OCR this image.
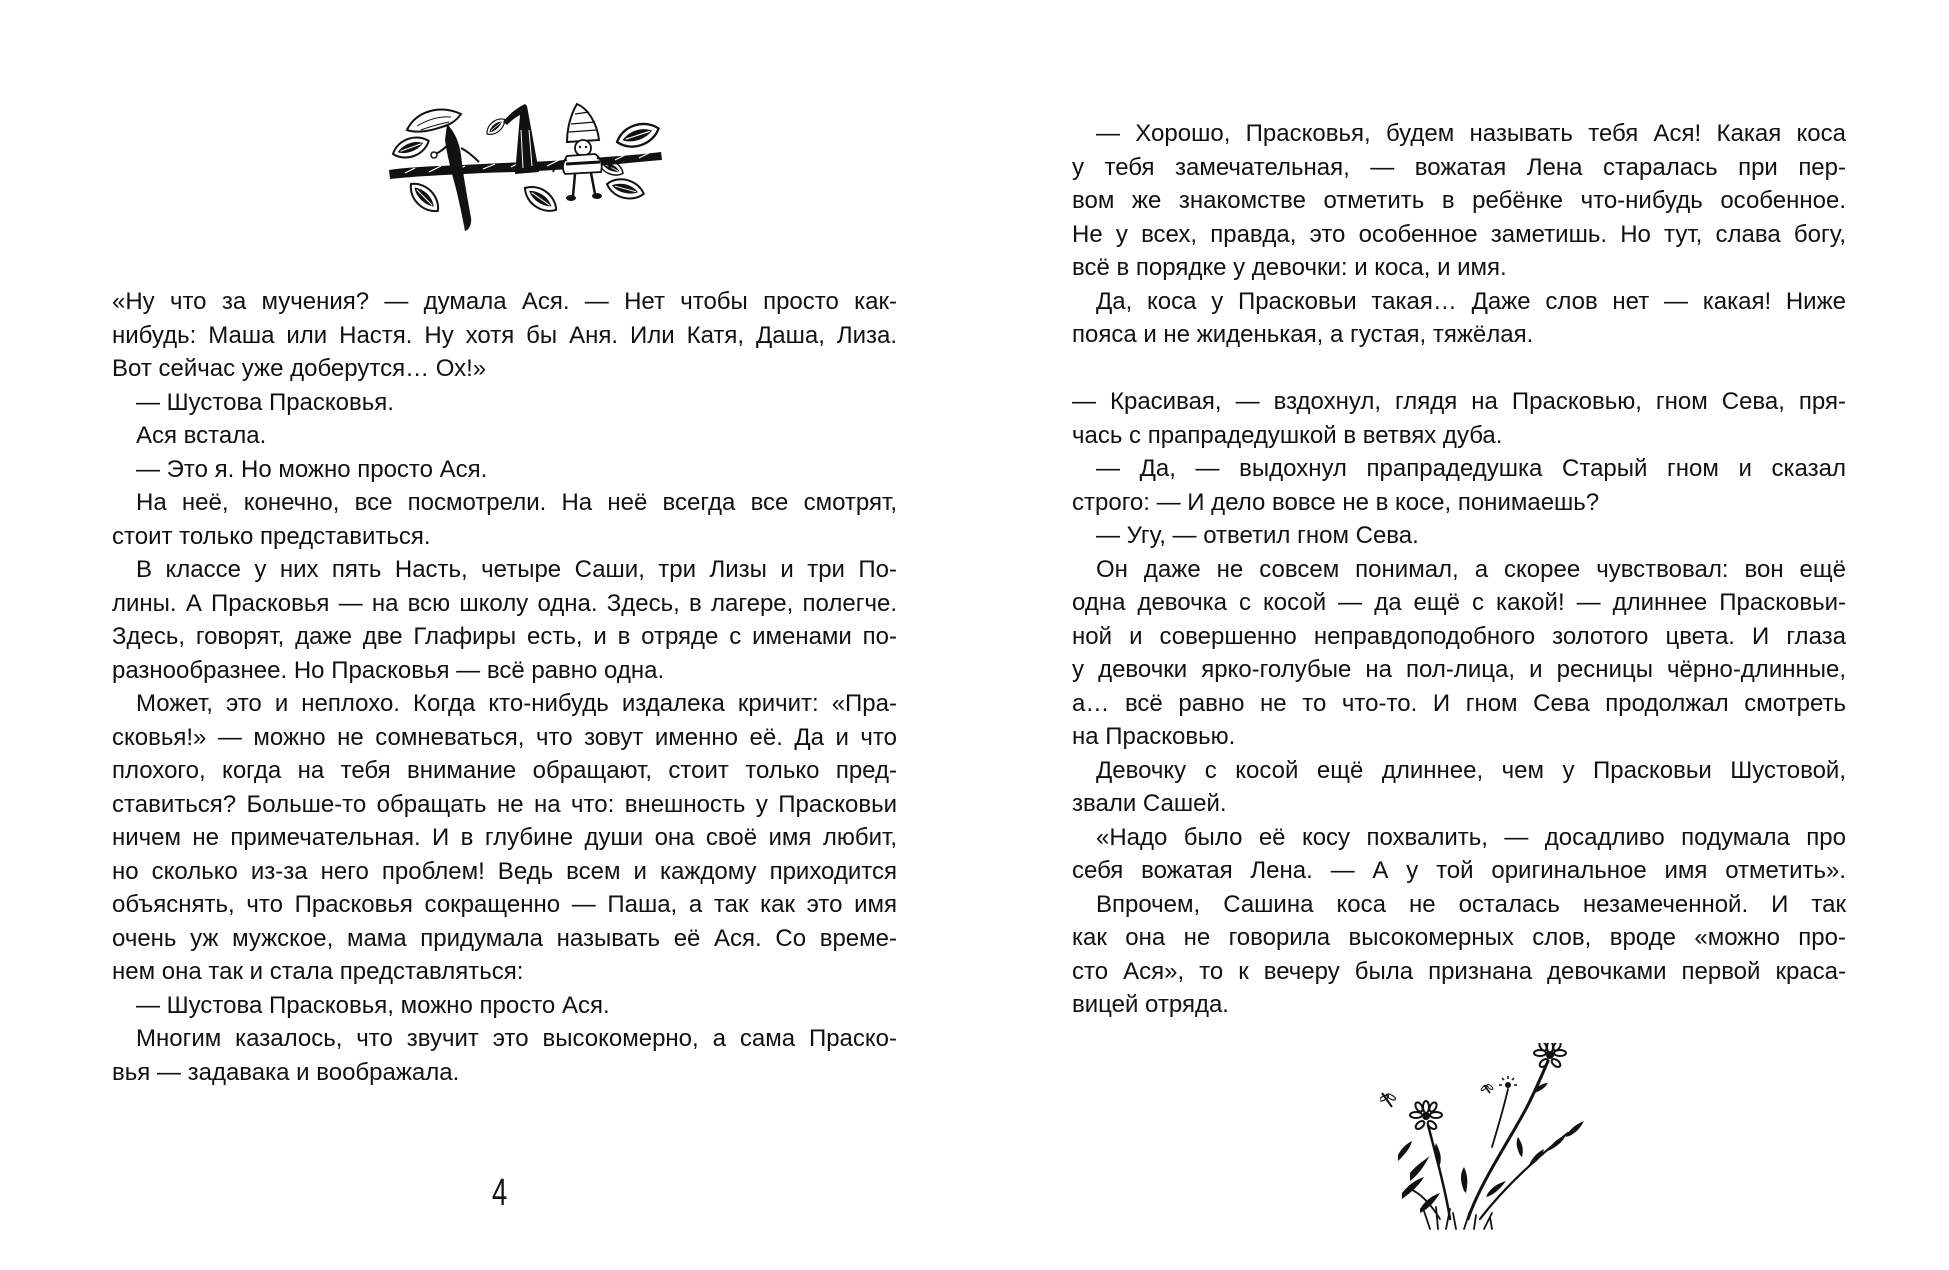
«Ну что за мучения? — думала Ася. — Нет чтобы просто как-
нибудь: Маша или Настя. Ну хотя бы Аня. Или Катя, Даша, Лиза.
Вот сейчас уже доберутся… Ох!»
— Шустова Прасковья.
Ася встала.
— Это я. Но можно просто Ася.
На неё, конечно, все посмотрели. На неё всегда все смотрят,
стоит только представиться.
В классе у них пять Насть, четыре Саши, три Лизы и три По-
лины. А Прасковья — на всю школу одна. Здесь, в лагере, полегче.
Здесь, говорят, даже две Глафиры есть, и в отряде с именами по-
разнообразнее. Но Прасковья — всё равно одна.
Может, это и неплохо. Когда кто-нибудь издалека кричит: «Пра-
сковья!» — можно не сомневаться, что зовут именно её. Да и что
плохого, когда на тебя внимание обращают, стоит только пред-
ставиться? Больше-то обращать не на что: внешность у Прасковьи
ничем не примечательная. И в глубине души она своё имя любит,
но сколько из-за него проблем! Ведь всем и каждому приходится
объяснять, что Прасковья сокращенно — Паша, а так как это имя
очень уж мужское, мама придумала называть её Ася. Со време-
нем она так и стала представляться:
— Шустова Прасковья, можно просто Ася.
Многим казалось, что звучит это высокомерно, а сама Праско-
вья — задавака и воображала.
4
— Хорошо, Прасковья, будем называть тебя Ася! Какая коса
у тебя замечательная, — вожатая Лена старалась при пер-
вом же знакомстве отметить в ребёнке что-нибудь особенное.
Не у всех, правда, это особенное заметишь. Но тут, слава богу,
всё в порядке у девочки: и коса, и имя.
Да, коса у Прасковьи такая… Даже слов нет — какая! Ниже
пояса и не жиденькая, а густая, тяжёлая.
— Красивая, — вздохнул, глядя на Прасковью, гном Сева, пря-
чась с прапрадедушкой в ветвях дуба.
— Да, — выдохнул прапрадедушка Старый гном и сказал
строго: — И дело вовсе не в косе, понимаешь?
— Угу, — ответил гном Сева.
Он даже не совсем понимал, а скорее чувствовал: вон ещё
одна девочка с косой — да ещё с какой! — длиннее Прасковьи-
ной и совершенно неправдоподобного золотого цвета. И глаза
у девочки ярко-голубые на пол-лица, и ресницы чёрно-длинные,
а… всё равно не то что-то. И гном Сева продолжал смотреть
на Прасковью.
Девочку с косой ещё длиннее, чем у Прасковьи Шустовой,
звали Сашей.
«Надо было её косу похвалить, — досадливо подумала про
себя вожатая Лена. — А у той оригинальное имя отметить».
Впрочем, Сашина коса не осталась незамеченной. И так
как она не говорила высокомерных слов, вроде «можно про-
сто Ася», то к вечеру была признана девочками первой краса-
вицей отряда.
